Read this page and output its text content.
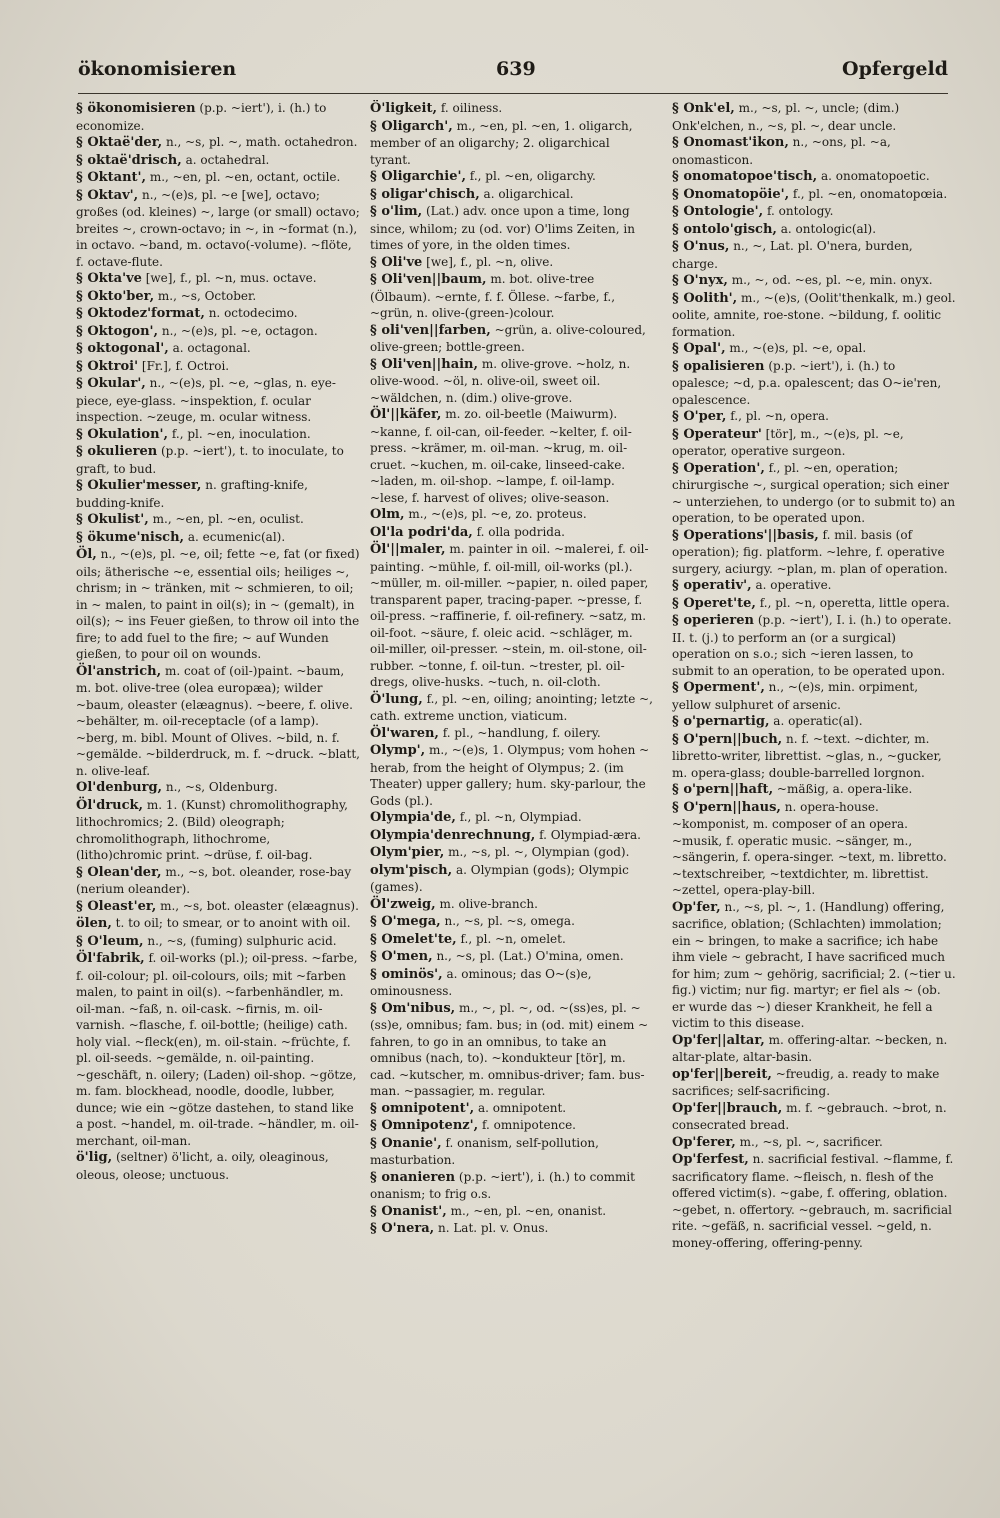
ökonomisieren	639	Opfergeld
§ ökonomisieren (p.p. ~iert'), i. (h.) to economize.
§ Oktaë'der, n., ~s, pl. ~, math. octahedron.
§ oktaë'drisch, a. octahedral.
§ Oktant', m., ~en, pl. ~en, octant, octile.
§ Oktav', n., ~(e)s, pl. ~e [we], octavo; großes (od. kleines) ~, large (or small) octavo; breites ~, crown-octavo; in ~, in ~format (n.), in octavo. ~band, m. octavo(-volume). ~flöte, f. octave-flute.
§ Okta've [we], f., pl. ~n, mus. octave.
§ Okto'ber, m., ~s, October.
§ Oktodez'format, n. octodecimo.
§ Oktogon', n., ~(e)s, pl. ~e, octagon.
§ oktogonal', a. octagonal.
§ Oktroi' [Fr.], f. Octroi.
§ Okular', n., ~(e)s, pl. ~e, ~glas, n. eye-piece, eye-glass. ~inspektion, f. ocular inspection. ~zeuge, m. ocular witness.
§ Okulation', f., pl. ~en, inoculation.
§ okulieren (p.p. ~iert'), t. to inoculate, to graft, to bud.
§ Okulier'messer, n. grafting-knife, budding-knife.
§ Okulist', m., ~en, pl. ~en, oculist.
§ ökume'nisch, a. ecumenic(al).
Öl, n., ~(e)s, pl. ~e, oil; fette ~e, fat (or fixed) oils; ätherische ~e, essential oils; heiliges ~, chrism; in ~ tränken, mit ~ schmieren, to oil; in ~ malen, to paint in oil(s); in ~ (gemalt), in oil(s); ~ ins Feuer gießen, to throw oil into the fire; to add fuel to the fire; ~ auf Wunden gießen, to pour oil on wounds.
Öl'anstrich, m. coat of (oil-)paint. ~baum, m. bot. olive-tree (olea europæa); wilder ~baum, oleaster (elæagnus). ~beere, f. olive. ~behälter, m. oil-receptacle (of a lamp). ~berg, m. bibl. Mount of Olives. ~bild, n. f. ~gemälde. ~bilderdruck, m. f. ~druck. ~blatt, n. olive-leaf.
Ol'denburg, n., ~s, Oldenburg.
Öl'druck, m. 1. (Kunst) chromolithography, lithochromics; 2. (Bild) oleograph; chromolithograph, lithochrome, (litho)chromic print. ~drüse, f. oil-bag.
§ Olean'der, m., ~s, bot. oleander, rose-bay (nerium oleander).
§ Oleast'er, m., ~s, bot. oleaster (elæagnus).
ölen, t. to oil; to smear, or to anoint with oil.
§ O'leum, n., ~s, (fuming) sulphuric acid.
Öl'fabrik, f. oil-works (pl.); oil-press. ~farbe, f. oil-colour; pl. oil-colours, oils; mit ~farben malen, to paint in oil(s). ~farbenhändler, m. oil-man. ~faß, n. oil-cask. ~firnis, m. oil-varnish. ~flasche, f. oil-bottle; (heilige) cath. holy vial. ~fleck(en), m. oil-stain. ~früchte, f. pl. oil-seeds. ~gemälde, n. oil-painting. ~geschäft, n. oilery; (Laden) oil-shop. ~götze, m. fam. blockhead, noodle, doodle, lubber, dunce; wie ein ~götze dastehen, to stand like a post. ~handel, m. oil-trade. ~händler, m. oil-merchant, oil-man.
ö'lig, (seltner) ö'licht, a. oily, oleaginous, oleous, oleose; unctuous.
Ö'ligkeit, f. oiliness.
§ Oligarch', m., ~en, pl. ~en, 1. oligarch, member of an oligarchy; 2. oligarchical tyrant.
§ Oligarchie', f., pl. ~en, oligarchy.
§ oligar'chisch, a. oligarchical.
§ o'lim, (Lat.) adv. once upon a time, long since, whilom; zu (od. vor) O'lims Zeiten, in times of yore, in the olden times.
§ Oli've [we], f., pl. ~n, olive.
§ Oli'ven||baum, m. bot. olive-tree (Ölbaum). ~ernte, f. f. Öllese. ~farbe, f., ~grün, n. olive-(green-)colour.
§ oli'ven||farben, ~grün, a. olive-coloured, olive-green; bottle-green.
§ Oli'ven||hain, m. olive-grove. ~holz, n. olive-wood. ~öl, n. olive-oil, sweet oil. ~wäldchen, n. (dim.) olive-grove.
Öl'||käfer, m. zo. oil-beetle (Maiwurm). ~kanne, f. oil-can, oil-feeder. ~kelter, f. oil-press. ~krämer, m. oil-man. ~krug, m. oil-cruet. ~kuchen, m. oil-cake, linseed-cake. ~laden, m. oil-shop. ~lampe, f. oil-lamp. ~lese, f. harvest of olives; olive-season.
Olm, m., ~(e)s, pl. ~e, zo. proteus.
Ol'la podri'da, f. olla podrida.
Öl'||maler, m. painter in oil. ~malerei, f. oil-painting. ~mühle, f. oil-mill, oil-works (pl.). ~müller, m. oil-miller. ~papier, n. oiled paper, transparent paper, tracing-paper. ~presse, f. oil-press. ~raffinerie, f. oil-refinery. ~satz, m. oil-foot. ~säure, f. oleic acid. ~schläger, m. oil-miller, oil-presser. ~stein, m. oil-stone, oil-rubber. ~tonne, f. oil-tun. ~trester, pl. oil-dregs, olive-husks. ~tuch, n. oil-cloth.
Ö'lung, f., pl. ~en, oiling; anointing; letzte ~, cath. extreme unction, viaticum.
Öl'waren, f. pl., ~handlung, f. oilery.
Olymp', m., ~(e)s, 1. Olympus; vom hohen ~ herab, from the height of Olympus; 2. (im Theater) upper gallery; hum. sky-parlour, the Gods (pl.).
Olympia'de, f., pl. ~n, Olympiad.
Olympia'denrechnung, f. Olympiad-æra.
Olym'pier, m., ~s, pl. ~, Olympian (god).
olym'pisch, a. Olympian (gods); Olympic (games).
Öl'zweig, m. olive-branch.
§ O'mega, n., ~s, pl. ~s, omega.
§ Omelet'te, f., pl. ~n, omelet.
§ O'men, n., ~s, pl. (Lat.) O'mina, omen.
§ ominös', a. ominous; das O~(s)e, ominousness.
§ Om'nibus, m., ~, pl. ~, od. ~(ss)es, pl. ~(ss)e, omnibus; fam. bus; in (od. mit) einem ~ fahren, to go in an omnibus, to take an omnibus (nach, to). ~kondukteur [tör], m. cad. ~kutscher, m. omnibus-driver; fam. bus-man. ~passagier, m. regular.
§ omnipotent', a. omnipotent.
§ Omnipotenz', f. omnipotence.
§ Onanie', f. onanism, self-pollution, masturbation.
§ onanieren (p.p. ~iert'), i. (h.) to commit onanism; to frig o.s.
§ Onanist', m., ~en, pl. ~en, onanist.
§ O'nera, n. Lat. pl. v. Onus.
§ Onk'el, m., ~s, pl. ~, uncle; (dim.) Onk'elchen, n., ~s, pl. ~, dear uncle.
§ Onomast'ikon, n., ~ons, pl. ~a, onomasticon.
§ onomatopoe'tisch, a. onomatopoetic.
§ Onomatopöie', f., pl. ~en, onomatopœia.
§ Ontologie', f. ontology.
§ ontolo'gisch, a. ontologic(al).
§ O'nus, n., ~, Lat. pl. O'nera, burden, charge.
§ O'nyx, m., ~, od. ~es, pl. ~e, min. onyx.
§ Oolith', m., ~(e)s, (Oolit'thenkalk, m.) geol. oolite, amnite, roe-stone. ~bildung, f. oolitic formation.
§ Opal', m., ~(e)s, pl. ~e, opal.
§ opalisieren (p.p. ~iert'), i. (h.) to opalesce; ~d, p.a. opalescent; das O~ie'ren, opalescence.
§ O'per, f., pl. ~n, opera.
§ Operateur' [tör], m., ~(e)s, pl. ~e, operator, operative surgeon.
§ Operation', f., pl. ~en, operation; chirurgische ~, surgical operation; sich einer ~ unterziehen, to undergo (or to submit to) an operation, to be operated upon.
§ Operations'||basis, f. mil. basis (of operation); fig. platform. ~lehre, f. operative surgery, aciurgy. ~plan, m. plan of operation.
§ operativ', a. operative.
§ Operet'te, f., pl. ~n, operetta, little opera.
§ operieren (p.p. ~iert'), I. i. (h.) to operate. II. t. (j.) to perform an (or a surgical) operation on s.o.; sich ~ieren lassen, to submit to an operation, to be operated upon.
§ Operment', n., ~(e)s, min. orpiment, yellow sulphuret of arsenic.
§ o'pernartig, a. operatic(al).
§ O'pern||buch, n. f. ~text. ~dichter, m. libretto-writer, librettist. ~glas, n., ~gucker, m. opera-glass; double-barrelled lorgnon.
§ o'pern||haft, ~mäßig, a. opera-like.
§ O'pern||haus, n. opera-house. ~komponist, m. composer of an opera. ~musik, f. operatic music. ~sänger, m., ~sängerin, f. opera-singer. ~text, m. libretto. ~textschreiber, ~textdichter, m. librettist. ~zettel, opera-play-bill.
Op'fer, n., ~s, pl. ~, 1. (Handlung) offering, sacrifice, oblation; (Schlachten) immolation; ein ~ bringen, to make a sacrifice; ich habe ihm viele ~ gebracht, I have sacrificed much for him; zum ~ gehörig, sacrificial; 2. (~tier u. fig.) victim; nur fig. martyr; er fiel als ~ (ob. er wurde das ~) dieser Krankheit, he fell a victim to this disease.
Op'fer||altar, m. offering-altar. ~becken, n. altar-plate, altar-basin.
op'fer||bereit, ~freudig, a. ready to make sacrifices; self-sacrificing.
Op'fer||brauch, m. f. ~gebrauch. ~brot, n. consecrated bread.
Op'ferer, m., ~s, pl. ~, sacrificer.
Op'ferfest, n. sacrificial festival. ~flamme, f. sacrificatory flame. ~fleisch, n. flesh of the offered victim(s). ~gabe, f. offering, oblation. ~gebet, n. offertory. ~gebrauch, m. sacrificial rite. ~gefäß, n. sacrificial vessel. ~geld, n. money-offering, offering-penny.
